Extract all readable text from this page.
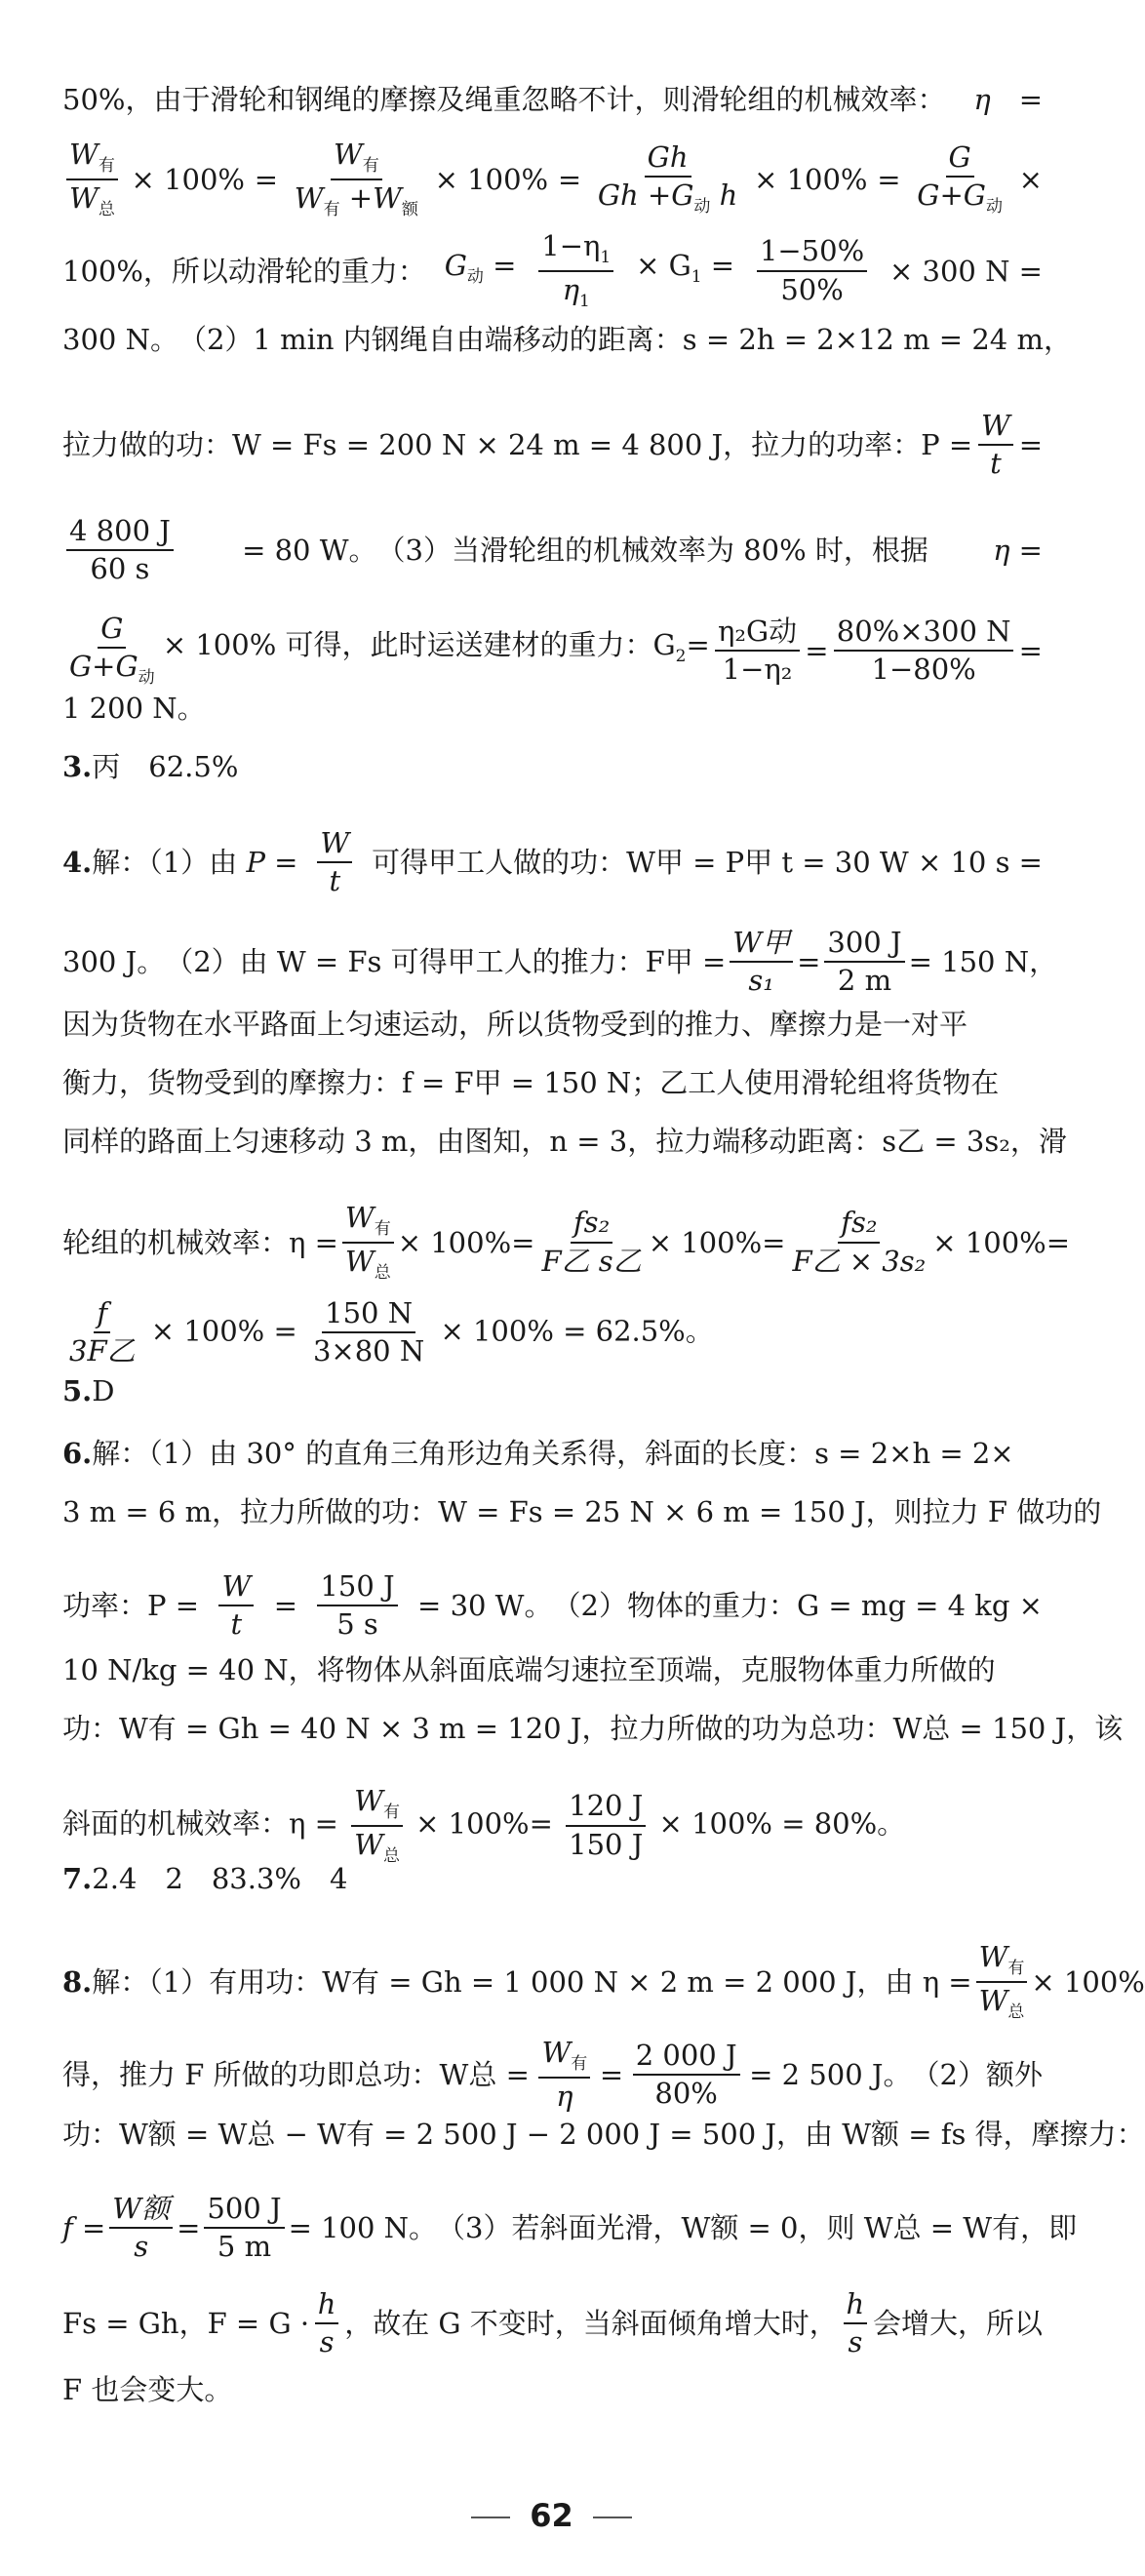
50%，由于滑轮和钢绳的摩擦及绳重忽略不计，则滑轮组的机械效率： η =
$\frac{W_有}{W_总} \times 100\% = \frac{W_有}{W_有 +W_额} \times 100\% = \frac{Gh}{Gh +G_动 h} \times 100\% = \frac{G}{G+G_动}$ ×
100%，所以动滑轮的重力： $G_动 = \frac{1-\eta_1}{\eta_1} \times G_1 = \frac{1-50\%}{50\%} \times 300$ N =
300 N。　（2）1 min 内钢绳自由端移动的距离：s = 2h = 2×12 m = 24 m，
拉力做的功：W = Fs = 200 N × 24 m = 4 800 J，拉力的功率：$P = \frac{W}{t}$ =
$\frac{4 800 J}{60 s} = 80$ W。　（3）当滑轮组的机械效率为 80% 时，根据 η =
$\frac{G}{G+G_动} \times 100\%$ 可得，此时运送建材的重力：$G_2= \frac{\text{η₂G动}}{\text{1−η₂}} = \frac{80\%\times 300 N}{1-80\%}$ =
1 200 N。
3.丙　62.5%
4.解：（1）由 $P = \frac{W}{t}$ 可得甲工人做的功：W甲 = P甲 t = 30 W × 10 s =
300 J。　（2）由 W = Fs 可得甲工人的推力：F甲 = $\frac{\text{W甲}}{\text{s₁}} = \frac{300 J}{2 m} = 150$ N，
因为货物在水平路面上匀速运动，所以货物受到的推力、摩擦力是一对平
衡力，货物受到的摩擦力：f = F甲 = 150 N；乙工人使用滑轮组将货物在
同样的路面上匀速移动 3 m，由图知，n = 3，拉力端移动距离：s乙 = 3s₂，滑
轮组的机械效率：$\eta = \frac{W_有}{W_总} \times 100\% = \frac{\text{fs₂}}{\text{F乙 s乙}} \times 100\% = \frac{\text{fs₂}}{\text{F乙 × 3s₂}} \times 100\%$ =
$\frac{f}{\text{3F乙}} \times 100\% = \frac{150 N}{3\times 80 N} \times 100\% = 62.5\%$。
5.D
6.解：（1）由 30° 的直角三角形边角关系得，斜面的长度：s = 2×h = 2×
3 m = 6 m，拉力所做的功：W = Fs = 25 N × 6 m = 150 J，则拉力 F 做功的
功率：$P = \frac{W}{t} = \frac{150 J}{5 s} = 30$ W。　（2）物体的重力：G = mg = 4 kg ×
10 N/kg = 40 N，将物体从斜面底端匀速拉至顶端，克服物体重力所做的
功：W有 = Gh = 40 N × 3 m = 120 J，拉力所做的功为总功：W总 = 150 J，该
斜面的机械效率：$\eta = \frac{W_有}{W_总} \times 100\%= \frac{120 J}{150 J} \times 100\% = 80\%$。
7.2.4　2　83.3%　4
8.解：（1）有用功：W有 = Gh = 1 000 N × 2 m = 2 000 J，由 $\eta = \frac{W_有}{W_总} \times 100\%$
得，推力 F 所做的功即总功：W总 = $\frac{W_有}{\eta} = \frac{2 000 J}{80\%} = 2$ 500 J。　（2）额外
功：W额 = W总 − W有 = 2 500 J − 2 000 J = 500 J，由 W额 = fs 得，摩擦力：
$f = \frac{\text{W额}}{s} = \frac{500 J}{5 m} = 100$ N。　（3）若斜面光滑，W额 = 0，则 W总 = W有，即
Fs = Gh，$F = G \cdot \frac{h}{s}$ ，故在 G 不变时，当斜面倾角增大时， $\frac{h}{s}$ 会增大，所以
F 也会变大。
62
